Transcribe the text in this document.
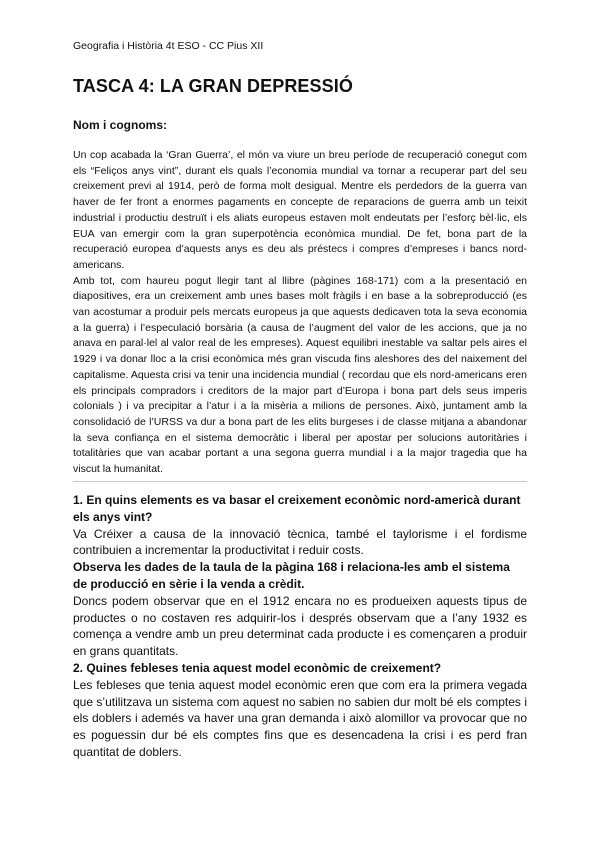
Geografia i Història 4t ESO - CC Pius XII
TASCA 4: LA GRAN DEPRESSIÓ
Nom i cognoms:

Un cop acabada la ‘Gran Guerra’, el món va viure un breu període de recuperació conegut com els “Feliços anys vint”, durant els quals l’economia mundial va tornar a recuperar part del seu creixement previ al 1914, però de forma molt desigual. Mentre els perdedors de la guerra van haver de fer front a enormes pagaments en concepte de reparacions de guerra amb un teixit industrial i productiu destruït i els aliats europeus estaven molt endeutats per l’esforç bèl·lic, els EUA van emergir com la gran superpotència econòmica mundial. De fet, bona part de la recuperació europea d’aquests anys es deu als préstecs i compres d’empreses i bancs nord-americans.

Amb tot, com haureu pogut llegir tant al llibre (pàgines 168-171) com a la presentació en diapositives, era un creixement amb unes bases molt fràgils i en base a la sobreproducció (es van acostumar a produir pels mercats europeus ja que aquests dedicaven tota la seva economia a la guerra) i l’especulació borsària (a causa de l’augment del valor de les accions, que ja no anava en paral·lel al valor real de les empreses). Aquest equilibri inestable va saltar pels aires el 1929 i va donar lloc a la crisi econòmica més gran viscuda fins aleshores des del naixement del capitalisme. Aquesta crisi va tenir una incidencia mundial ( recordau que els nord-americans eren els principals compradors i creditors de la major part d’Europa i bona part dels seus imperis colonials ) i va precipitar a l’atur i a la misèria a milions de persones. Això, juntament amb la consolidació de l’URSS va dur a bona part de les elits burgeses i de classe mitjana a abandonar la seva confiança en el sistema democràtic i liberal per apostar per solucions autoritàries i totalitàries que van acabar portant a una segona guerra mundial i a la major tragedia que ha viscut la humanitat.

1. En quins elements es va basar el creixement econòmic nord-americà durant els anys vint?

Va Créixer a causa de la innovació tècnica, també el taylorisme i el fordisme contribuien a incrementar la productivitat i reduir costs.

Observa les dades de la taula de la pàgina 168 i relaciona-les amb el sistema de producció en sèrie i la venda a crèdit.

Doncs podem observar que en el 1912 encara no es produeixen aquests tipus de productes o no costaven res adquirir-los i després observam que a l’any 1932 es comença a vendre amb un preu determinat cada producte i es començaren a produir en grans quantitats.

2. Quines febleses tenia aquest model econòmic de creixement?

Les febleses que tenia aquest model econòmic eren que com era la primera vegada que s’utilitzava un sistema com aquest no sabien no sabien dur molt bé els comptes i els doblers i ademés va haver una gran demanda i això alomillor va provocar que no es poguessin dur bé els comptes fins que es desencadena la crisi i es perd fran quantitat de doblers.
